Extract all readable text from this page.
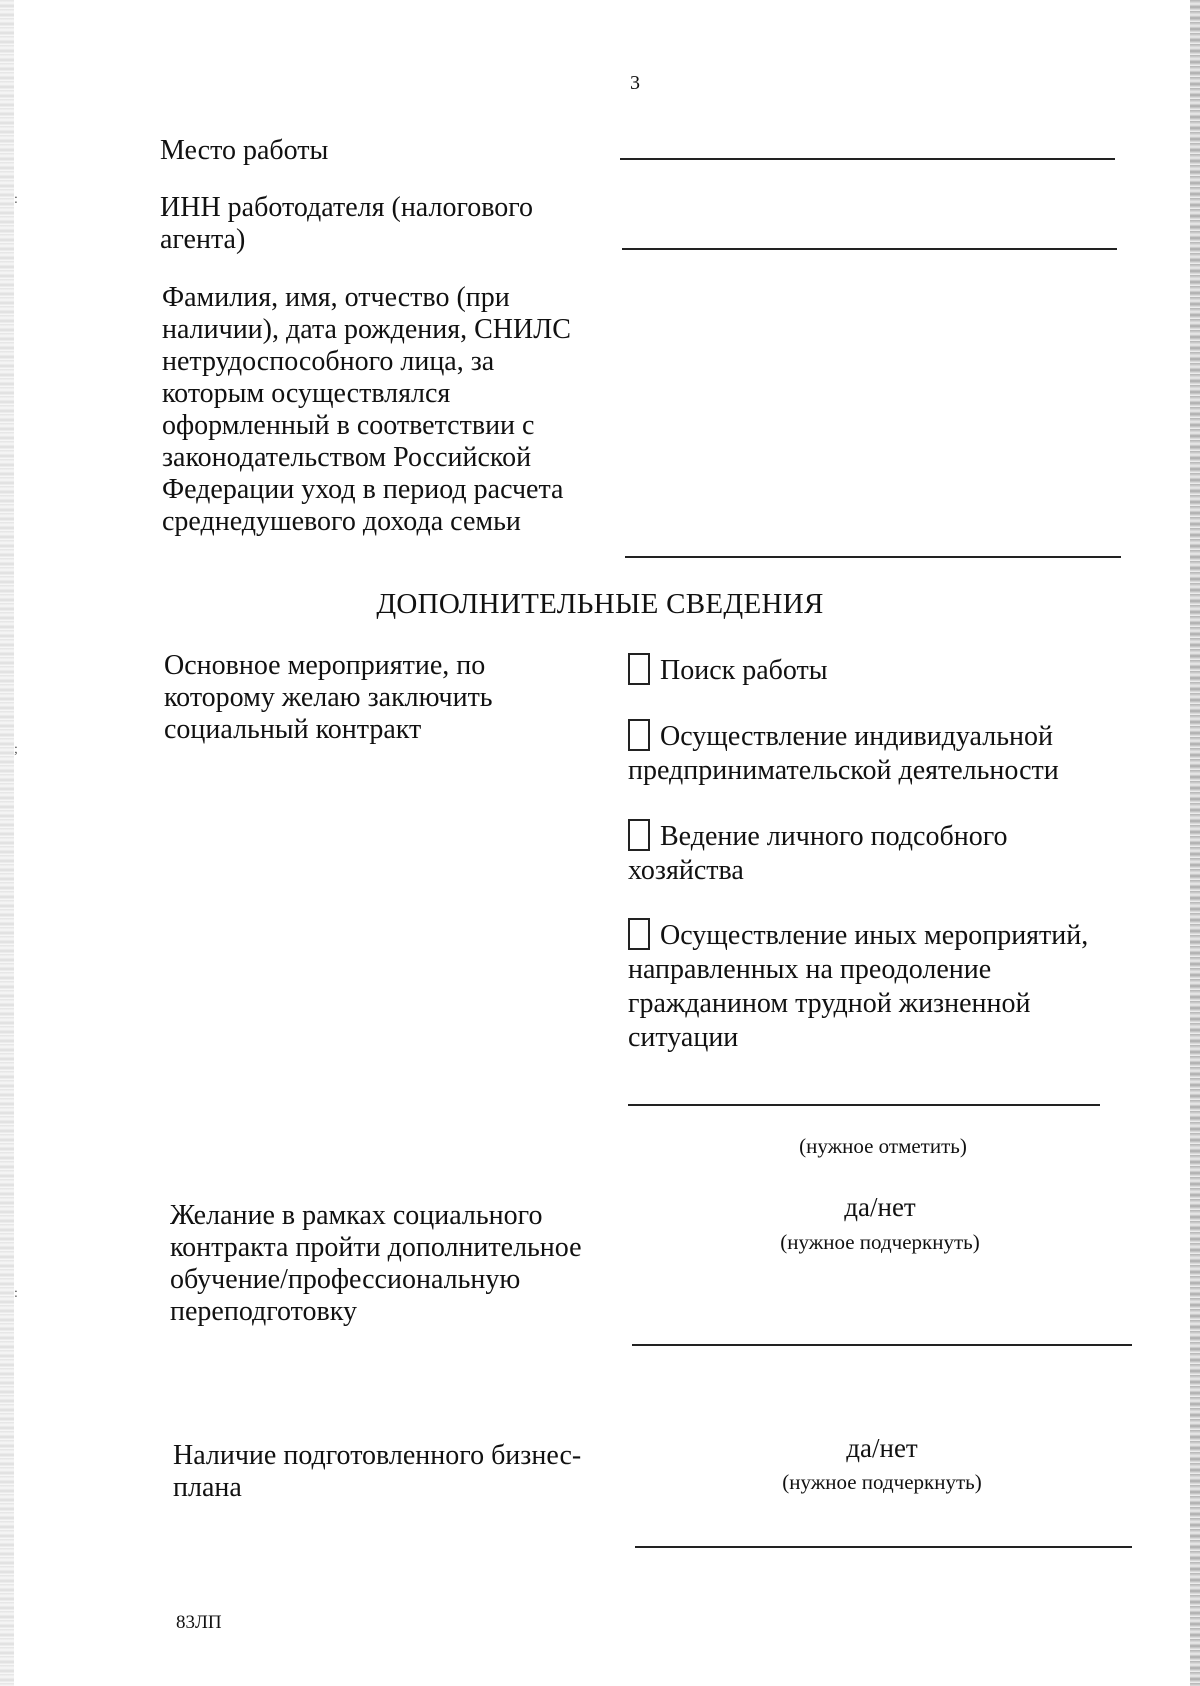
:
;
:
3
Место работы
ИНН работодателя (налогового агента)
Фамилия, имя, отчество (при наличии), дата рождения, СНИЛС нетрудоспособного лица, за которым осуществлялся оформленный в соответствии с законодательством Российской Федерации уход в период расчета среднедушевого дохода семьи
ДОПОЛНИТЕЛЬНЫЕ СВЕДЕНИЯ
Основное мероприятие, по которому желаю заключить социальный контракт
Поиск работы
Осуществление индивидуальной предпринимательской деятельности
Ведение личного подсобного хозяйства
Осуществление иных мероприятий, направленных на преодоление гражданином трудной жизненной ситуации
(нужное отметить)
Желание в рамках социального контракта пройти дополнительное обучение/профессиональную переподготовку
да/нет
(нужное подчеркнуть)
Наличие подготовленного бизнес-плана
да/нет
(нужное подчеркнуть)
83ЛП
